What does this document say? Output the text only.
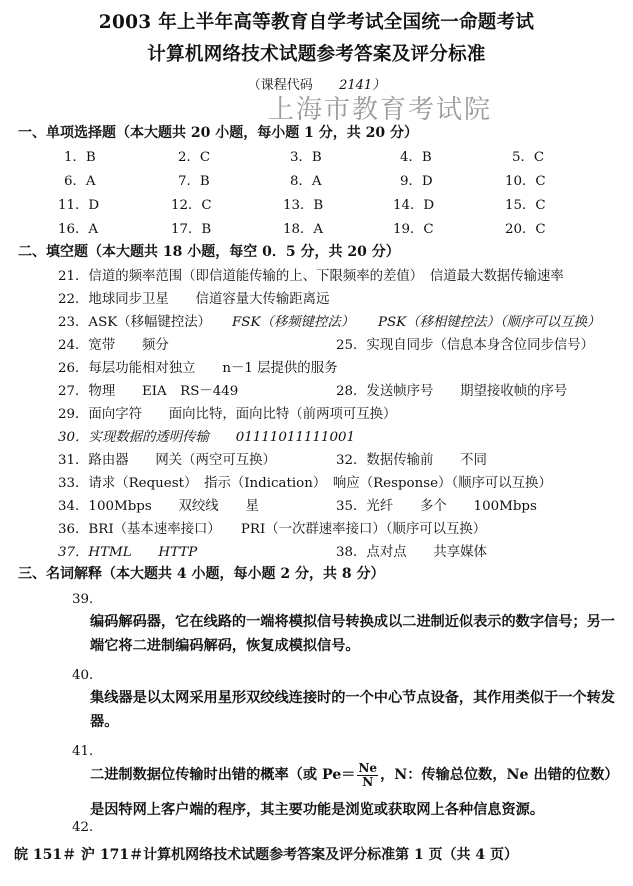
2003 年上半年高等教育自学考试全国统一命题考试
计算机网络技术试题参考答案及评分标准
（课程代码 2141）
上海市教育考试院
一、单项选择题（本大题共 20 小题，每小题 1 分，共 20 分）
1．B	2．C	3．B	4．B	5．C
6．A	7．B	8．A	9．D	10．C
11．D	12．C	13．B	14．D	15．C
16．A	17．B	18．A	19．C	20．C
二、填空题（本大题共 18 小题，每空 0．5 分，共 20 分）
21．信道的频率范围（即信道能传输的上、下限频率的差值）　信道最大数据传输速率
22．地球同步卫星　　信道容量大传输距离远
23．ASK（移幅键控法） FSK（移频键控法） PSK（移相键控法）（顺序可以互换）
24．宽带　　频分	25．实现自同步（信息本身含位同步信号）
26．每层功能相对独立　　n－1 层提供的服务
27．物理　　EIA　RS－449	28．发送帧序号　　期望接收帧的序号
29．面向字符　　面向比特，面向比特（前两项可互换）
30．实现数据的透明传输　　01111011111001
31．路由器　　网关（两空可互换）	32．数据传输前　　不同
33．请求（Request）　指示（Indication）　响应（Response）（顺序可以互换）
34．100Mbps　　双绞线　　星	35．光纤　　多个　　100Mbps
36．BRI（基本速率接口）　　PRI（一次群速率接口）（顺序可以互换）
37．HTML　　HTTP	38．点对点　　共享媒体
三、名词解释（本大题共 4 小题，每小题 2 分，共 8 分）
39．
编码解码器，它在线路的一端将模拟信号转换成以二进制近似表示的数字信号；另一端它将二进制编码解码，恢复成模拟信号。
40．
集线器是以太网采用星形双绞线连接时的一个中心节点设备，其作用类似于一个转发器。
41．
二进制数据位传输时出错的概率（或 $Pe= \frac{Ne}{N}$ ，N：传输总位数，Ne 出错的位数）
42．
是因特网上客户端的程序，其主要功能是浏览或获取网上各种信息资源。
皖 151＃ 沪 171＃计算机网络技术试题参考答案及评分标准第 1 页（共 4 页）
